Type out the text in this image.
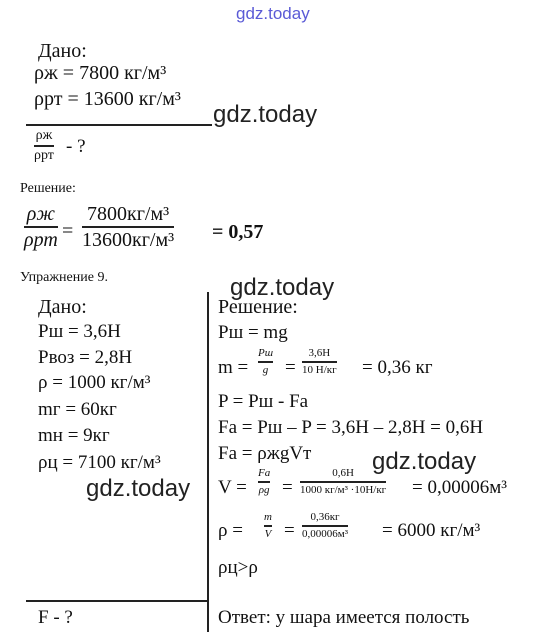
gdz.today
Дано:
ρж = 7800 кг/м³
ρрт = 13600 кг/м³
gdz.today
ρж
ρрт - ?
Решение:
ρж
ρрт =
7800кг/м³
13600кг/м³ = 0,57
Упражнение 9.	gdz.today
Дано:
Pш = 3,6H
Pвоз = 2,8H
ρ = 1000 кг/м³
mг = 60кг
mн = 9кг
ρц = 7100 кг/м³
gdz.today
F - ?
Решение:
Pш = mg
m =
Pш
g =
3,6H
10 H/кг = 0,36 кг
P = Pш - Fa
Fa = Pш – P = 3,6H – 2,8H = 0,6H
Fa = ρжgVт	gdz.today
V =
Fa
ρg =
0,6H
1000 кг/м³ ·10H/кг = 0,00006м³
ρ =
m
V =
0,36кг
0,00006м³ = 6000 кг/м³
ρц>ρ
Ответ: у шара имеется полость
